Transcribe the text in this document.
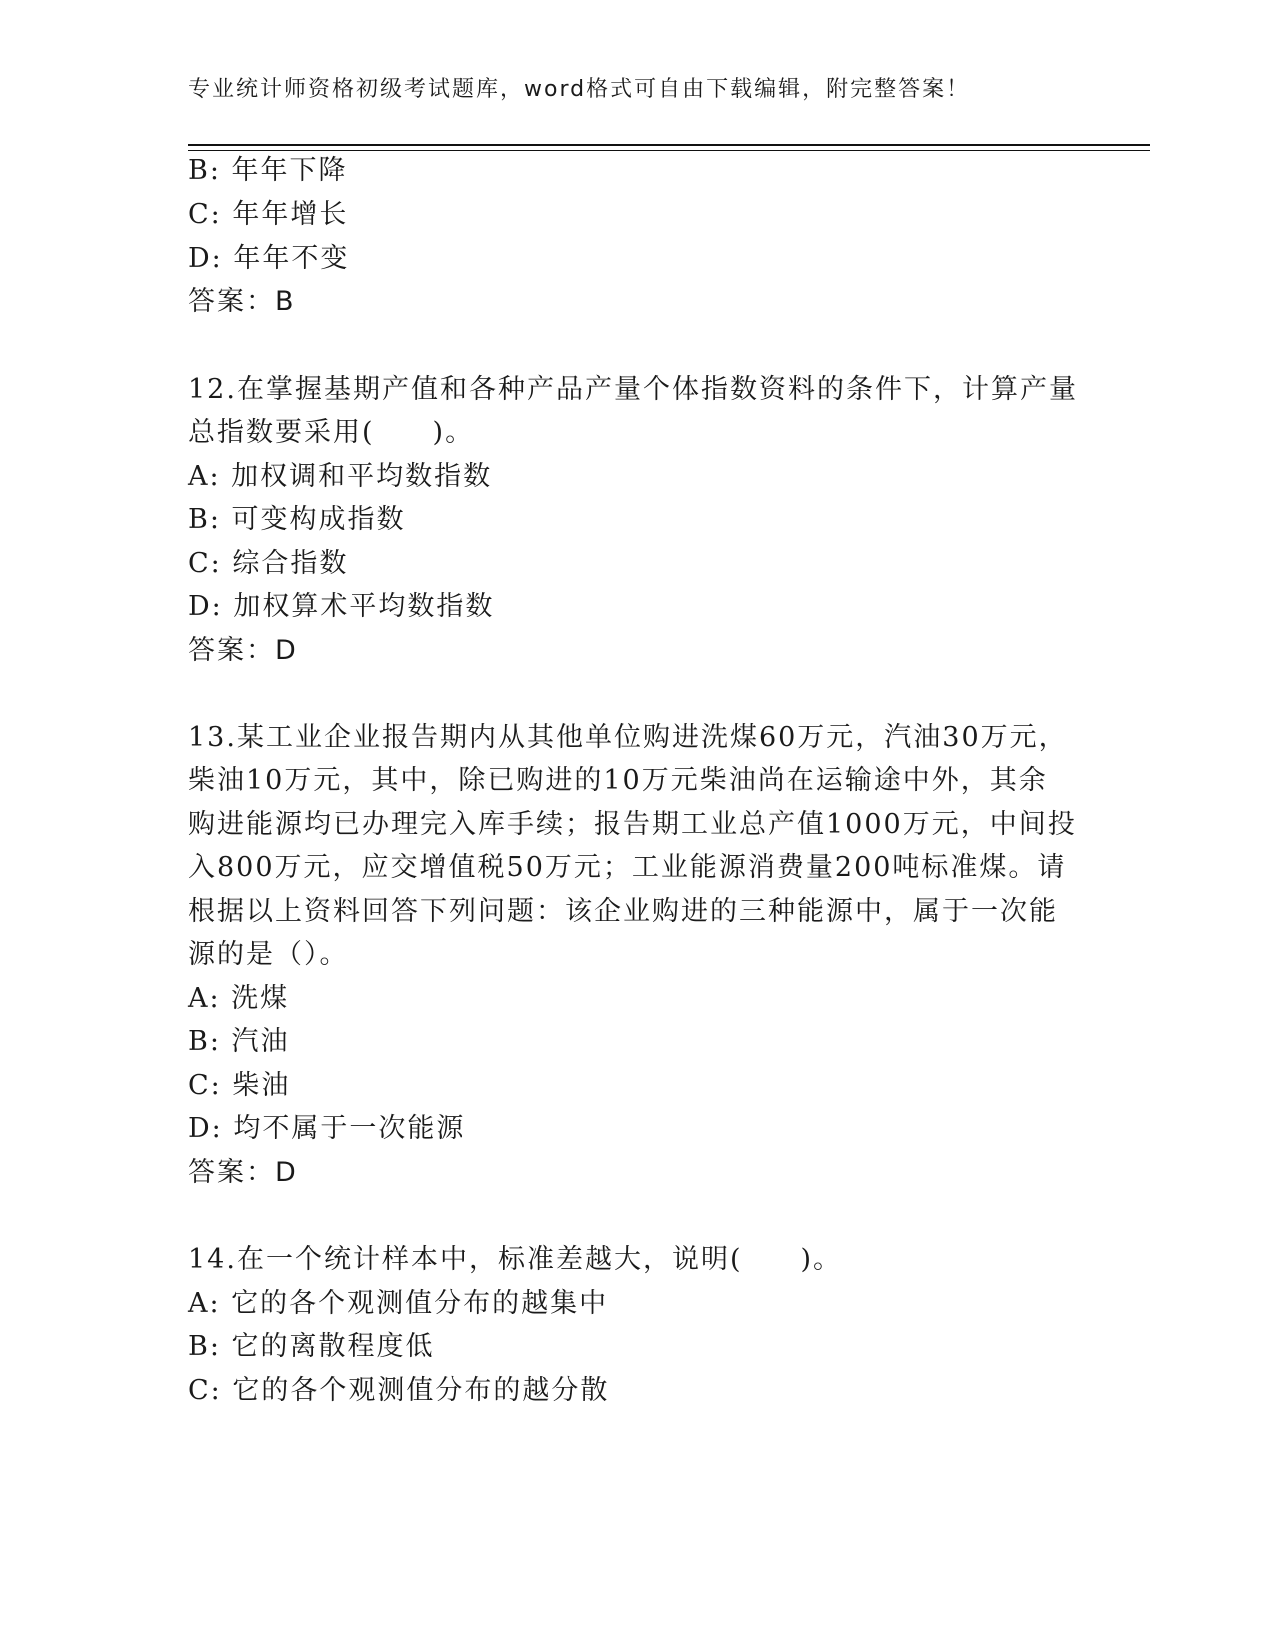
专业统计师资格初级考试题库，word格式可自由下载编辑，附完整答案！
B: 年年下降
C: 年年增长
D: 年年不变
答案：B
12.在掌握基期产值和各种产品产量个体指数资料的条件下，计算产量
总指数要采用(　　)。
A: 加权调和平均数指数
B: 可变构成指数
C: 综合指数
D: 加权算术平均数指数
答案：D
13.某工业企业报告期内从其他单位购进洗煤60万元，汽油30万元，
柴油10万元，其中，除已购进的10万元柴油尚在运输途中外，其余
购进能源均已办理完入库手续；报告期工业总产值1000万元，中间投
入800万元，应交增值税50万元；工业能源消费量200吨标准煤。请
根据以上资料回答下列问题：该企业购进的三种能源中，属于一次能
源的是（）。
A: 洗煤
B: 汽油
C: 柴油
D: 均不属于一次能源
答案：D
14.在一个统计样本中，标准差越大，说明(　　)。
A: 它的各个观测值分布的越集中
B: 它的离散程度低
C: 它的各个观测值分布的越分散
